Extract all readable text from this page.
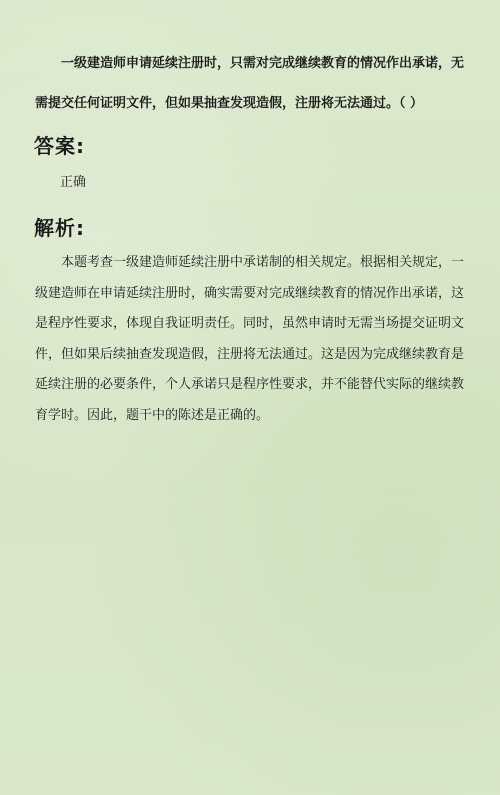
一级建造师申请延续注册时，只需对完成继续教育的情况作出承诺，无需提交任何证明文件，但如果抽查发现造假，注册将无法通过。（ ）
答案:
正确
解析:
本题考查一级建造师延续注册中承诺制的相关规定。根据相关规定，一级建造师在申请延续注册时，确实需要对完成继续教育的情况作出承诺，这是程序性要求，体现自我证明责任。同时，虽然申请时无需当场提交证明文件，但如果后续抽查发现造假，注册将无法通过。这是因为完成继续教育是延续注册的必要条件，个人承诺只是程序性要求，并不能替代实际的继续教育学时。因此，题干中的陈述是正确的。
